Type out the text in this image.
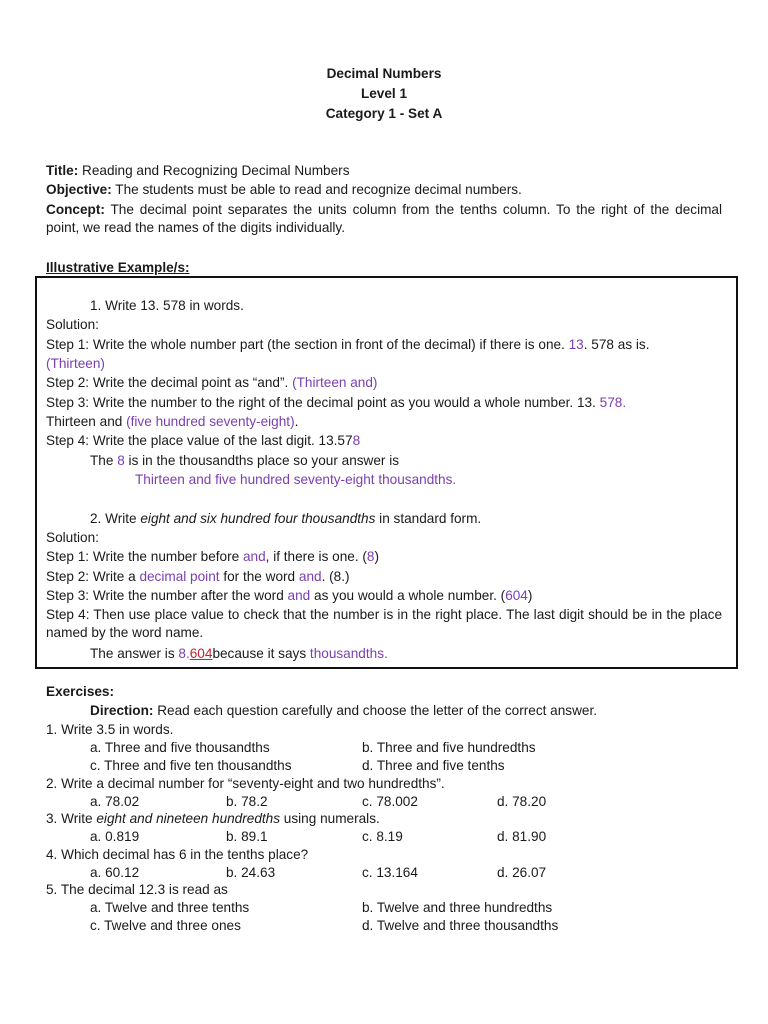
Decimal Numbers
Level 1
Category 1 - Set A
Title: Reading and Recognizing Decimal Numbers
Objective: The students must be able to read and recognize decimal numbers.
Concept: The decimal point separates the units column from the tenths column. To the right of the decimal point, we read the names of the digits individually.
Illustrative Example/s:
1. Write 13. 578 in words.
Solution:
Step 1: Write the whole number part (the section in front of the decimal) if there is one. 13. 578 as is.
(Thirteen)
Step 2: Write the decimal point as “and”. (Thirteen and)
Step 3: Write the number to the right of the decimal point as you would a whole number. 13. 578.
Thirteen and (five hundred seventy-eight).
Step 4: Write the place value of the last digit. 13.578
The 8 is in the thousandths place so your answer is
Thirteen and five hundred seventy-eight thousandths.
2. Write eight and six hundred four thousandths in standard form.
Solution:
Step 1: Write the number before and, if there is one. (8)
Step 2: Write a decimal point for the word and. (8.)
Step 3: Write the number after the word and as you would a whole number. (604)
Step 4: Then use place value to check that the number is in the right place. The last digit should be in the place named by the word name.
The answer is 8.604because it says thousandths.
Exercises:
Direction: Read each question carefully and choose the letter of the correct answer.
1. Write 3.5 in words.
a. Three and five thousandths	b. Three and five hundredths
c. Three and five ten thousandths	d. Three and five tenths
2. Write a decimal number for “seventy-eight and two hundredths”.
a. 78.02	b. 78.2	c. 78.002	d. 78.20
3. Write eight and nineteen hundredths using numerals.
a. 0.819	b. 89.1	c. 8.19	d. 81.90
4. Which decimal has 6 in the tenths place?
a. 60.12	b. 24.63	c. 13.164	d. 26.07
5. The decimal 12.3 is read as
a. Twelve and three tenths	b. Twelve and three hundredths
c. Twelve and three ones	d. Twelve and three thousandths
